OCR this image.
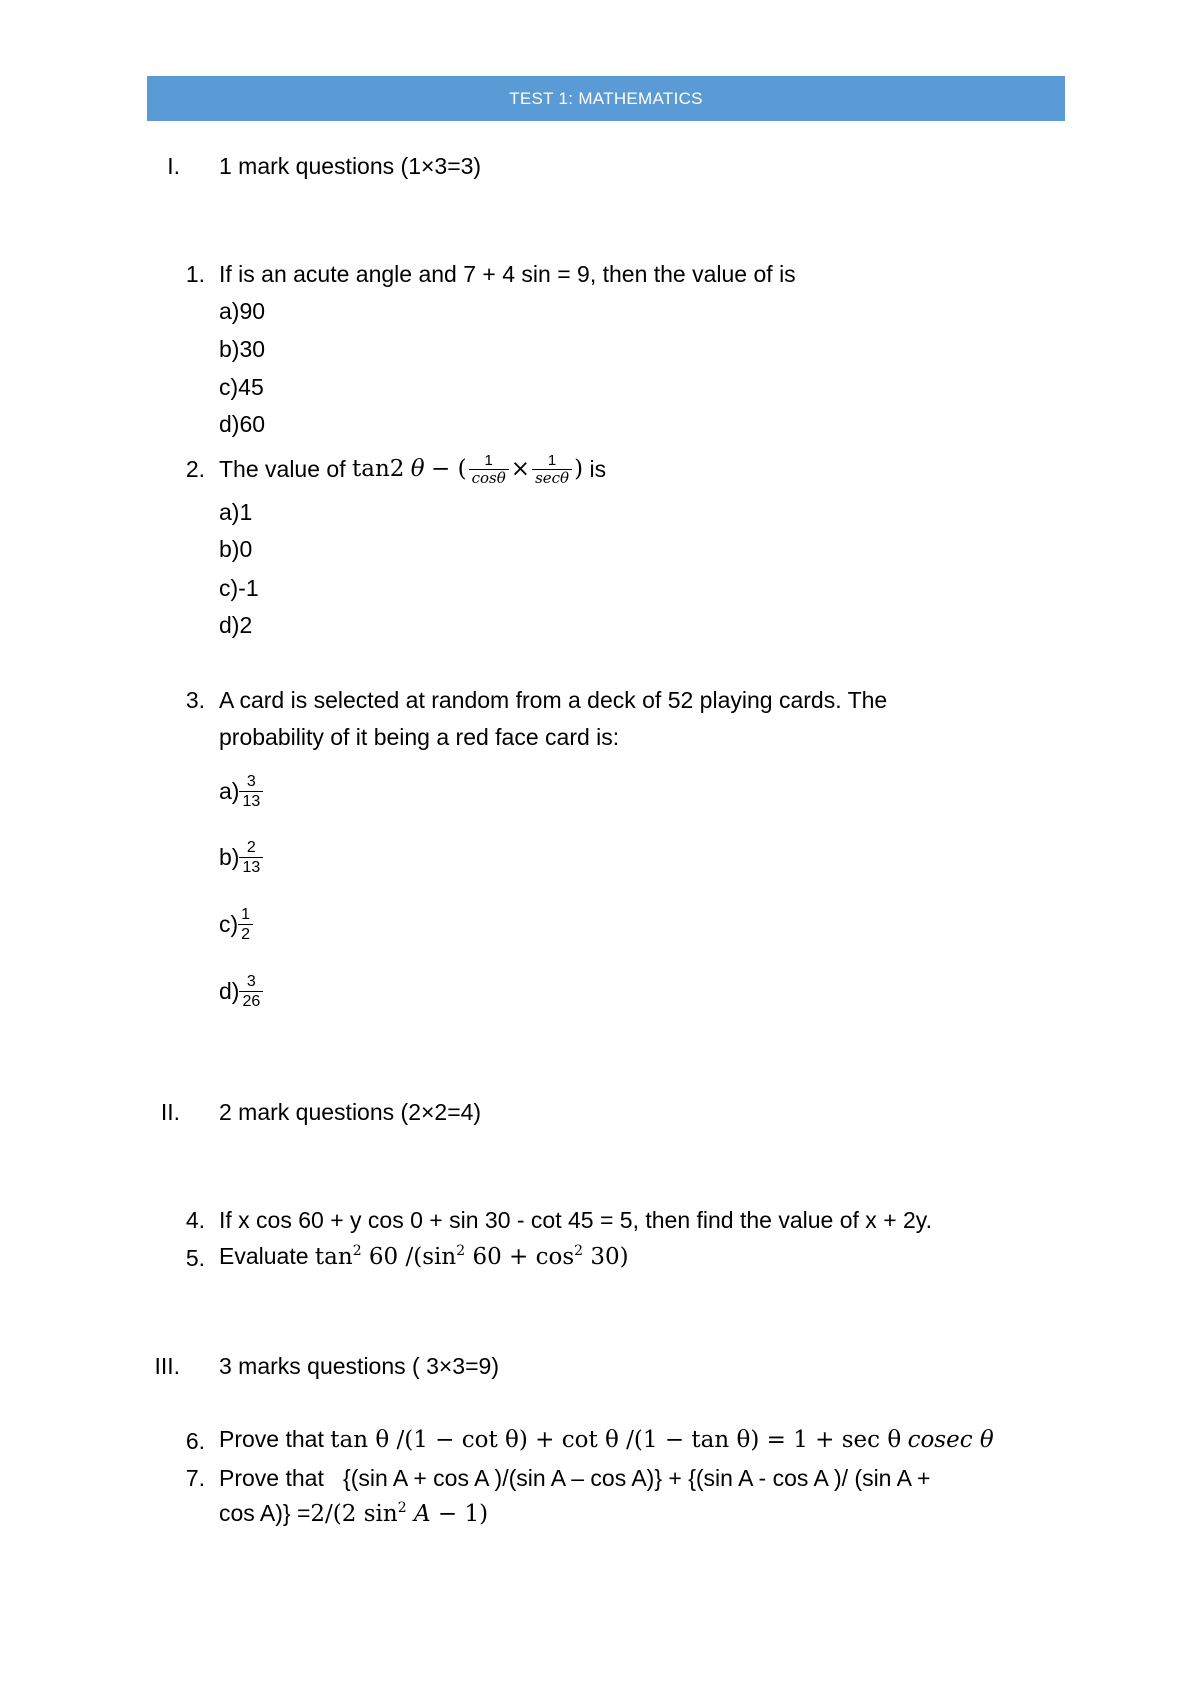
TEST 1: MATHEMATICS
I. 1 mark questions (1×3=3)
1. If is an acute angle and 7 + 4 sin = 9, then the value of is
a)90
b)30
c)45
d)60
2. The value of
tan 2
θ
− ( $\frac{1}{\cos\theta} \times \frac{1}{\sec\theta}$ )
is
a)1
b)0
c)-1
d)2
3. A card is selected at random from a deck of 52 playing cards. The
probability of it being a red face card is:
$a) \frac{3}{13}$
$b) \frac{2}{13}$
$c) \frac{1}{2}$
$d) \frac{3}{26}$
II. 2 mark questions (2×2=4)
4. If x cos 60 + y cos 0 + sin 30 - cot 45 = 5, then find the value of x + 2y.
5. Evaluate $\tan^2 60$ $/(\sin^2$ $60 + \cos^2 30$)
III. 3 marks questions ( 3×3=9)
6. Prove that tan θ /(1 − cot θ) + cot θ /(1 − tan θ) = 1 + sec θ cosec θ
7. Prove that {(sin A + cos A )/(sin A – cos A)} + {(sin A - cos A )/ (sin A +
cos A)} =2/(2 $\sin^2 A - 1$)
